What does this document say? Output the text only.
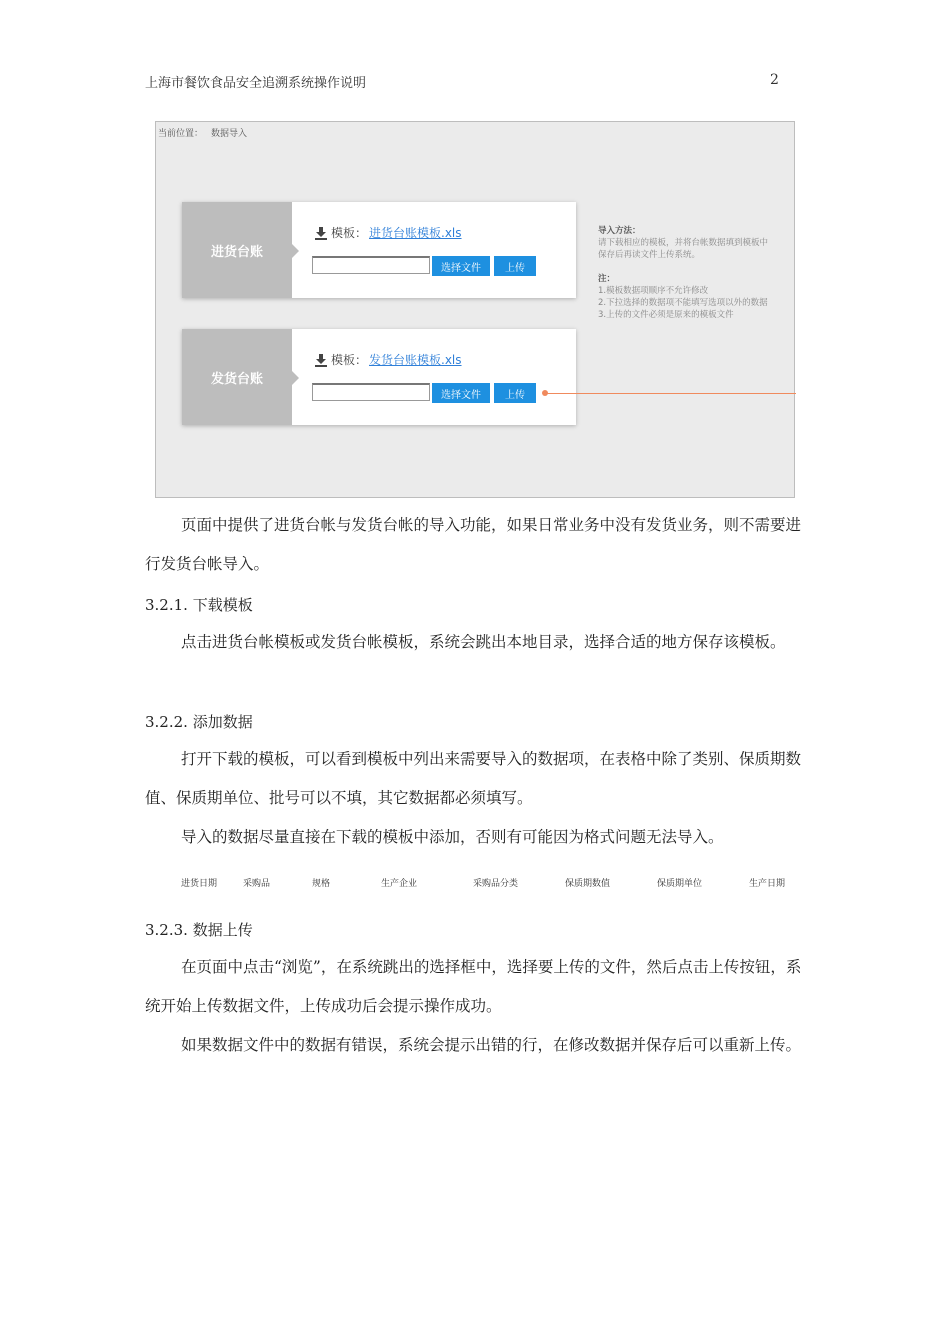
上海市餐饮食品安全追溯系统操作说明	2
当前位置： 数据导入
进货台账
模板： 进货台账模板.xls
选择文件	上传
发货台账
模板： 发货台账模板.xls
选择文件	上传
导入方法：
请下载相应的模板，并将台帐数据填到模板中
保存后再读文件上传系统。
注：
1.模板数据项顺序不允许修改
2.下拉选择的数据项不能填写选项以外的数据
3.上传的文件必须是原来的模板文件
页面中提供了进货台帐与发货台帐的导入功能，如果日常业务中没有发货业务，则不需要进行发货台帐导入。
3.2.1. 下载模板
点击进货台帐模板或发货台帐模板，系统会跳出本地目录，选择合适的地方保存该模板。
3.2.2. 添加数据
打开下载的模板，可以看到模板中列出来需要导入的数据项，在表格中除了类别、保质期数值、保质期单位、批号可以不填，其它数据都必须填写。
导入的数据尽量直接在下载的模板中添加，否则有可能因为格式问题无法导入。
进货日期	采购品	规格	生产企业	采购品分类	保质期数值	保质期单位	生产日期
3.2.3. 数据上传
在页面中点击“浏览”，在系统跳出的选择框中，选择要上传的文件，然后点击上传按钮，系统开始上传数据文件，上传成功后会提示操作成功。
如果数据文件中的数据有错误，系统会提示出错的行，在修改数据并保存后可以重新上传。
